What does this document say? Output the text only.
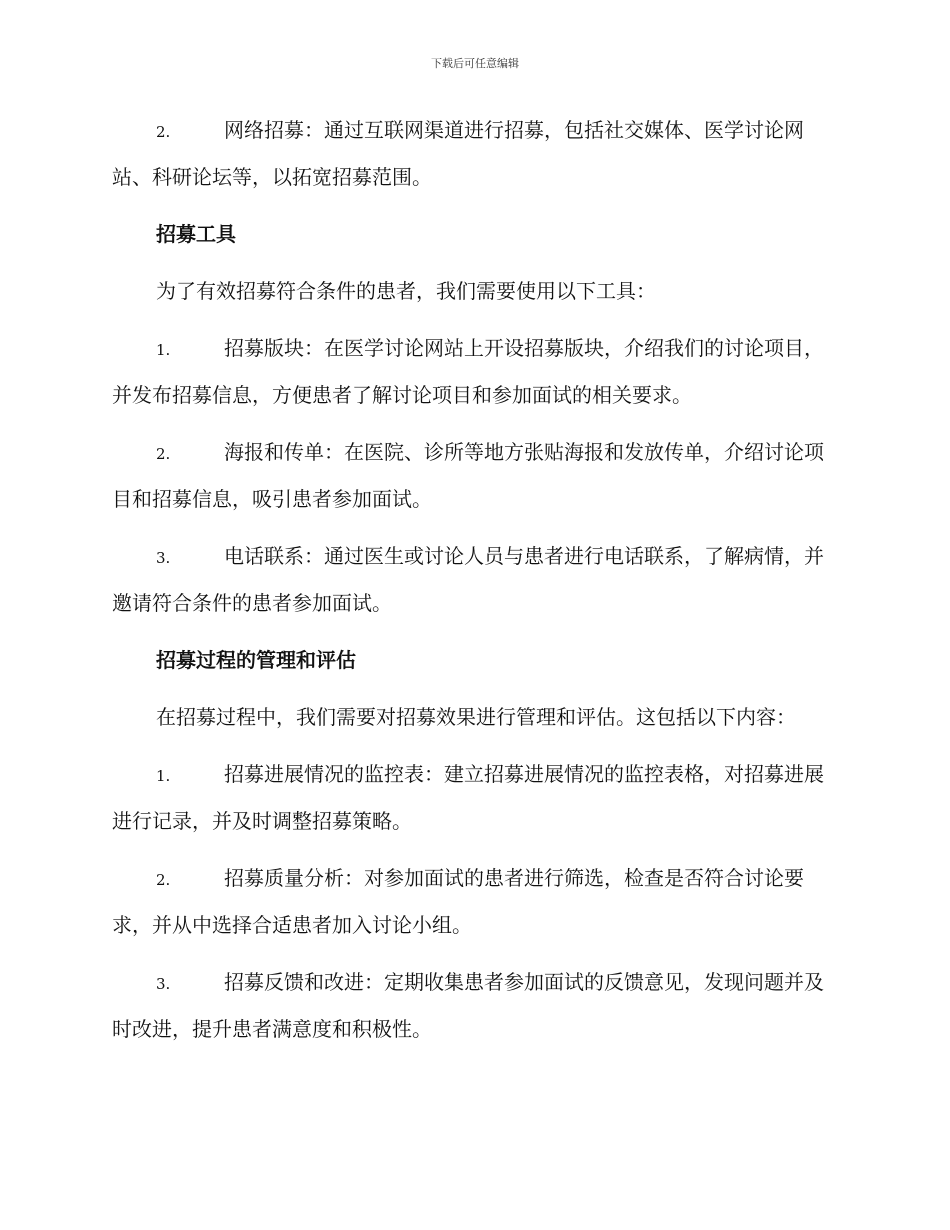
下载后可任意编辑

2.	网络招募：通过互联网渠道进行招募，包括社交媒体、医学讨论网站、科研论坛等，以拓宽招募范围。

招募工具

为了有效招募符合条件的患者，我们需要使用以下工具：

1.	招募版块：在医学讨论网站上开设招募版块，介绍我们的讨论项目，并发布招募信息，方便患者了解讨论项目和参加面试的相关要求。

2.	海报和传单：在医院、诊所等地方张贴海报和发放传单，介绍讨论项目和招募信息，吸引患者参加面试。

3.	电话联系：通过医生或讨论人员与患者进行电话联系，了解病情，并邀请符合条件的患者参加面试。

招募过程的管理和评估

在招募过程中，我们需要对招募效果进行管理和评估。这包括以下内容：

1.	招募进展情况的监控表：建立招募进展情况的监控表格，对招募进展进行记录，并及时调整招募策略。

2.	招募质量分析：对参加面试的患者进行筛选，检查是否符合讨论要求，并从中选择合适患者加入讨论小组。

3.	招募反馈和改进：定期收集患者参加面试的反馈意见，发现问题并及时改进，提升患者满意度和积极性。
